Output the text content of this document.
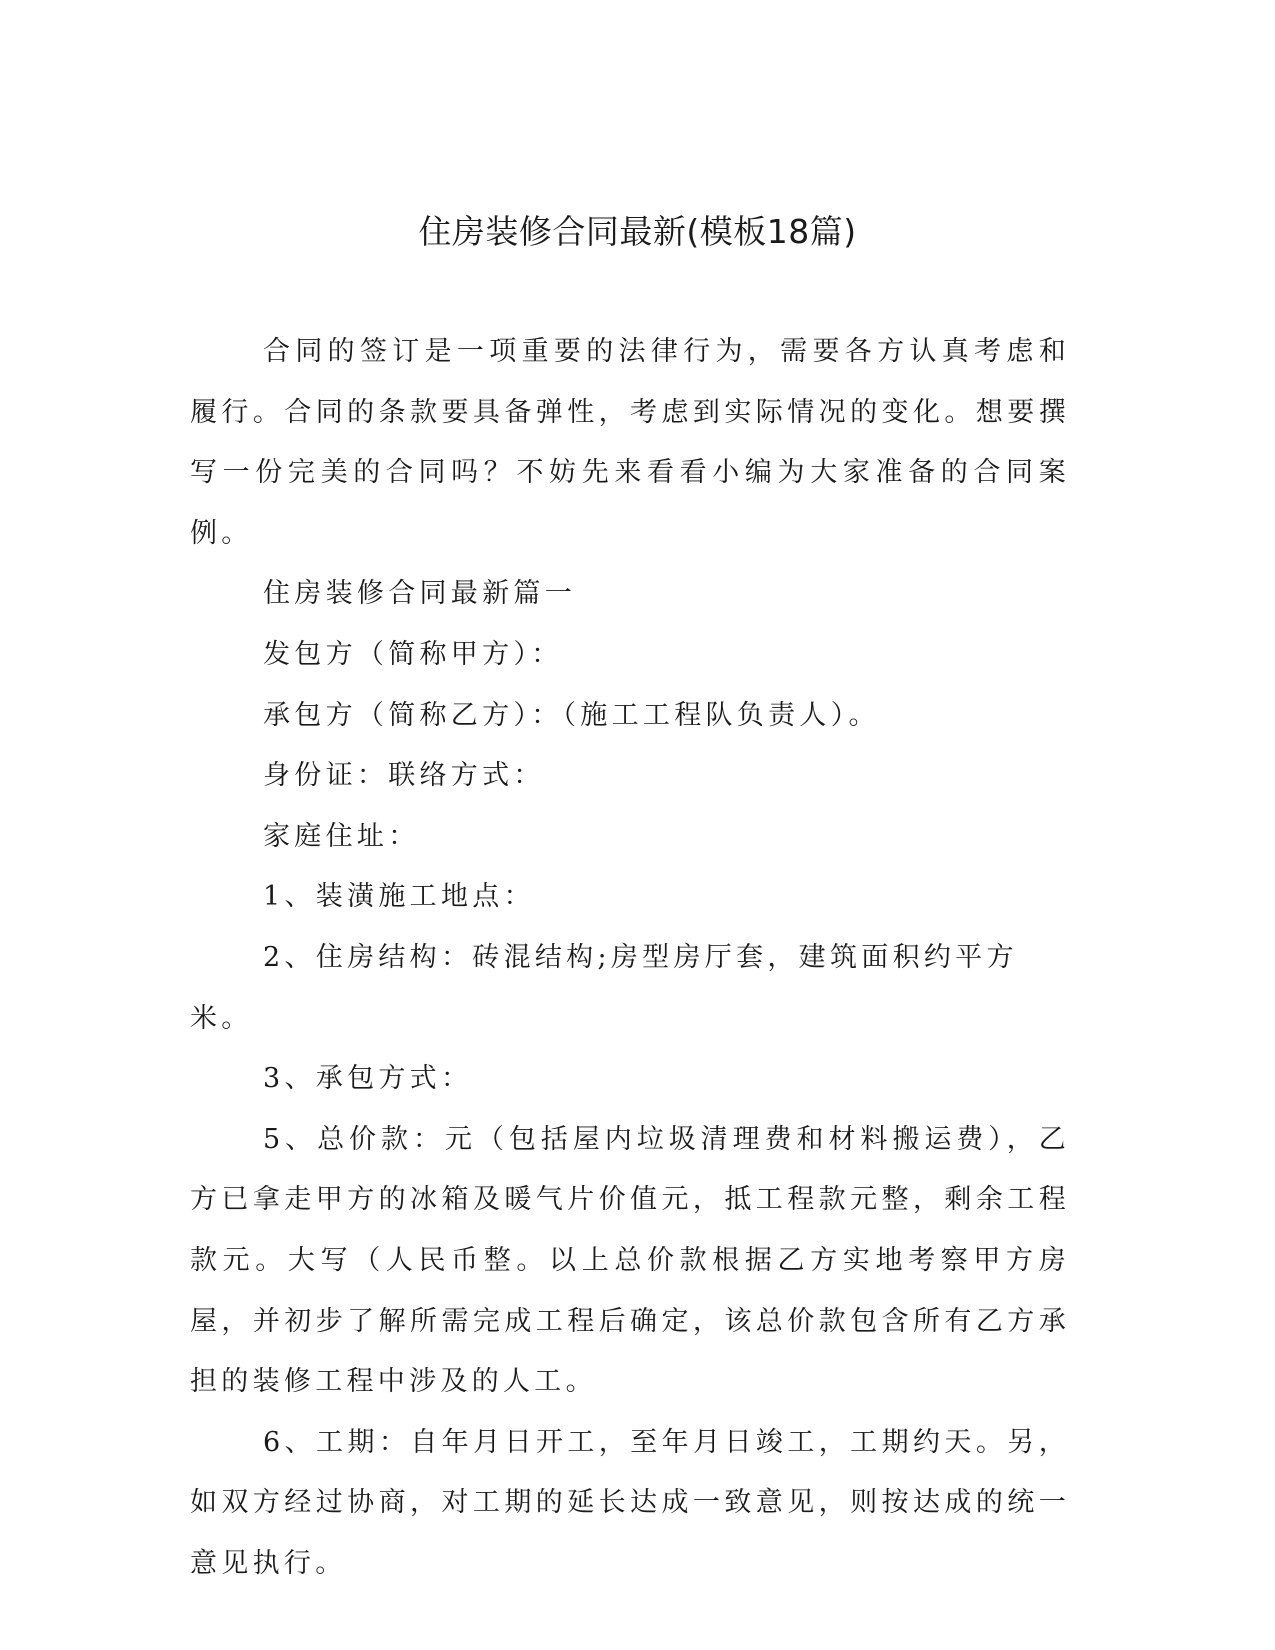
住房装修合同最新(模板18篇)

合同的签订是一项重要的法律行为，需要各方认真考虑和履行。合同的条款要具备弹性，考虑到实际情况的变化。想要撰写一份完美的合同吗？不妨先来看看小编为大家准备的合同案例。

住房装修合同最新篇一

发包方（简称甲方）：

承包方（简称乙方）：（施工工程队负责人）。

身份证：联络方式：

家庭住址：

1、装潢施工地点：

2、住房结构：砖混结构;房型房厅套，建筑面积约平方米。

3、承包方式：

5、总价款：元（包括屋内垃圾清理费和材料搬运费），乙方已拿走甲方的冰箱及暖气片价值元，抵工程款元整，剩余工程款元。大写（人民币整。以上总价款根据乙方实地考察甲方房屋，并初步了解所需完成工程后确定，该总价款包含所有乙方承担的装修工程中涉及的人工。

6、工期：自年月日开工，至年月日竣工，工期约天。另，如双方经过协商，对工期的延长达成一致意见，则按达成的统一意见执行。
